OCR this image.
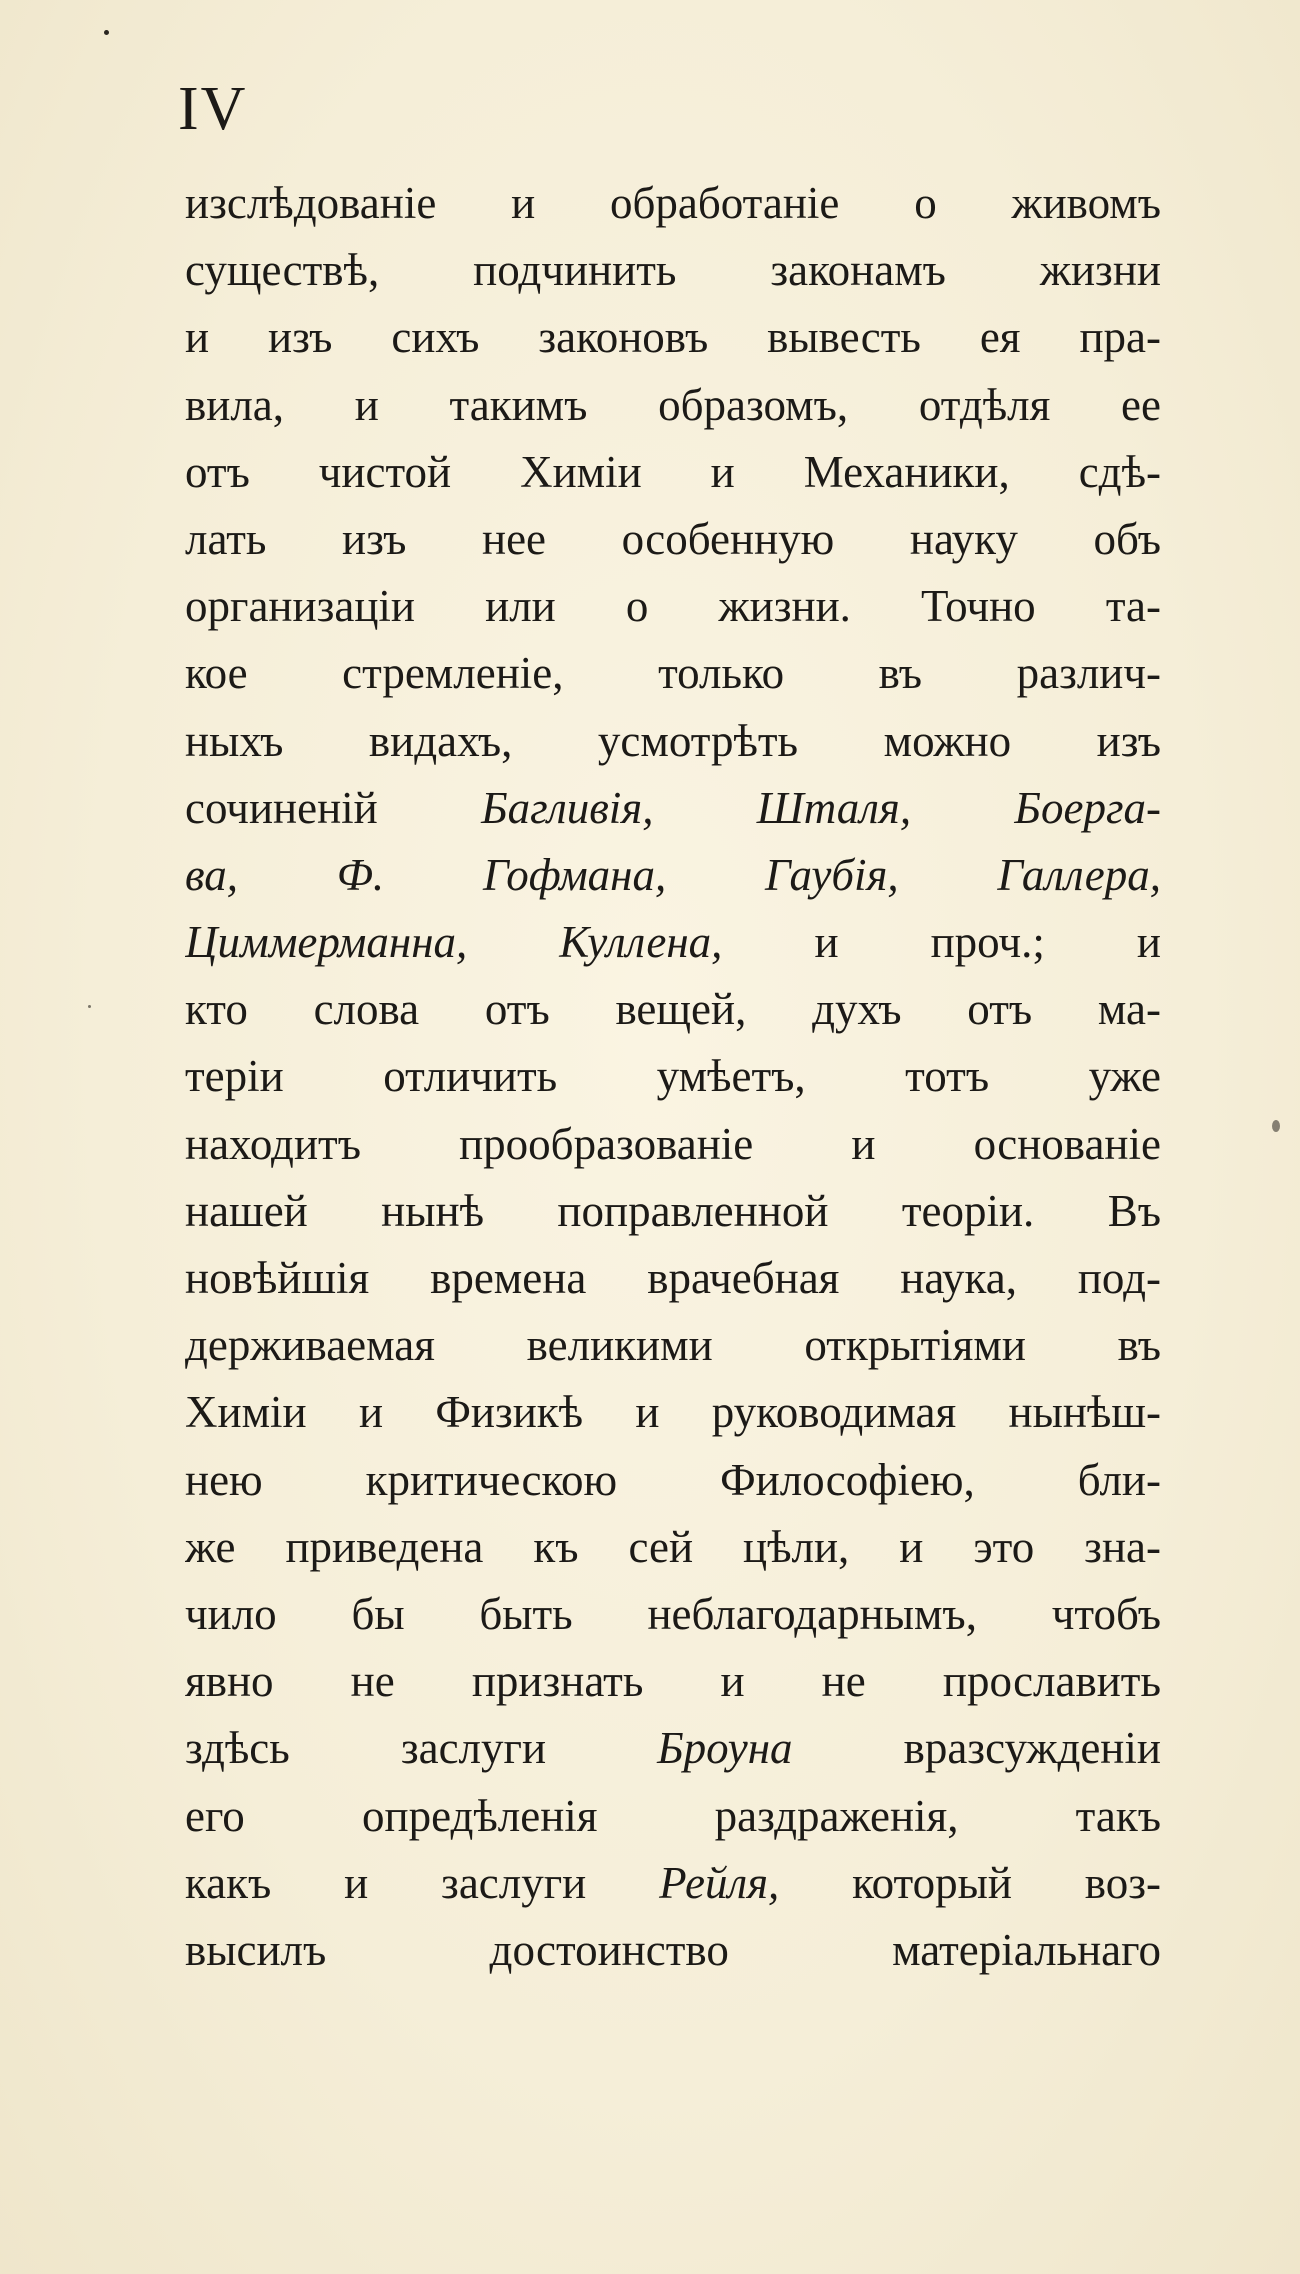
IV
изслѣдованіе и обработаніе о живомъ
существѣ, подчинить законамъ жизни
и изъ сихъ законовъ вывесть ея пра-
вила, и такимъ образомъ, отдѣля ее
отъ чистой Химіи и Механики, сдѣ-
лать изъ нее особенную науку объ
организаціи или о жизни. Точно та-
кое стремленіе, только въ различ-
ныхъ видахъ, усмотрѣть можно изъ
сочиненій Багливія, Шталя, Боерга-
ва, Ф. Гофмана, Гаубія, Галлера,
Циммерманна, Куллена, и проч.; и
кто слова отъ вещей, духъ отъ ма-
теріи отличить умѣетъ, тотъ уже
находитъ прообразованіе и основаніе
нашей нынѣ поправленной теоріи. Въ
новѣйшія времена врачебная наука, под-
держиваемая великими открытіями въ
Химіи и Физикѣ и руководимая нынѣш-
нею критическою Философіею, бли-
же приведена къ сей цѣли, и это зна-
чило бы быть неблагодарнымъ, чтобъ
явно не признать и не прославить
здѣсь заслуги Броуна вразсужденіи
его опредѣленія раздраженія, такъ
какъ и заслуги Рейля, который воз-
высилъ достоинство матеріальнаго
